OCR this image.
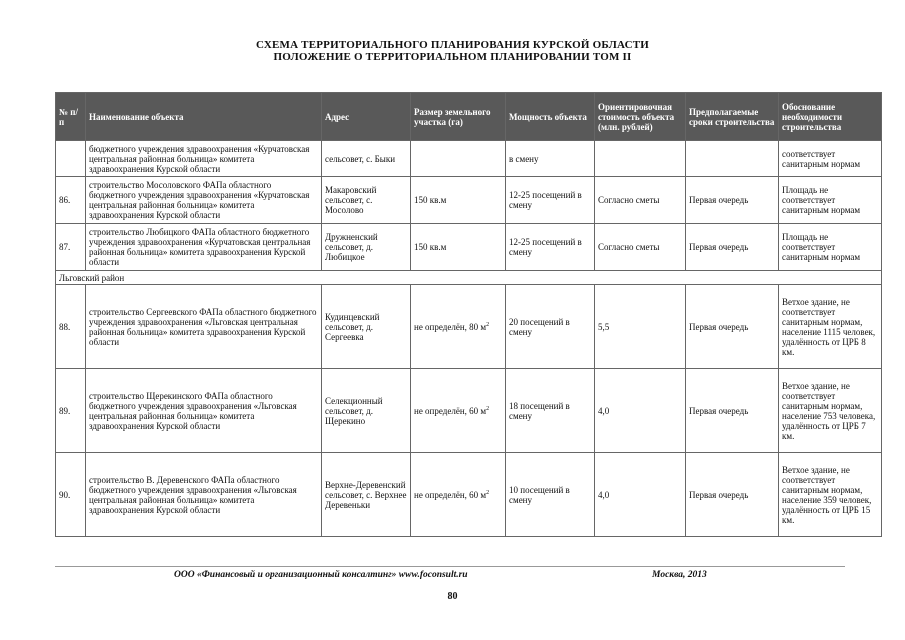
СХЕМА ТЕРРИТОРИАЛЬНОГО ПЛАНИРОВАНИЯ КУРСКОЙ ОБЛАСТИ
ПОЛОЖЕНИЕ О ТЕРРИТОРИАЛЬНОМ ПЛАНИРОВАНИИ ТОМ II
№ п/п	Наименование объекта	Адрес	Размер земельного участка (га)	Мощность объекта	Ориентировочная стоимость объекта (млн. рублей)	Предполагаемые сроки строительства	Обоснование необходимости строительства
	бюджетного учреждения здравоохранения «Курчатовская центральная районная больница» комитета здравоохранения Курской области	сельсовет, с. Быки		в смену			соответствует санитарным нормам
86.	строительство Мосоловского ФАПа областного бюджетного учреждения здравоохранения «Курчатовская центральная районная больница» комитета здравоохранения Курской области	Макаровский сельсовет, с. Мосолово	150 кв.м	12-25 посещений в смену	Согласно сметы	Первая очередь	Площадь не соответствует санитарным нормам
87.	строительство Любицкого ФАПа областного бюджетного учреждения здравоохранения «Курчатовская центральная районная больница» комитета здравоохранения Курской области	Дружненский сельсовет, д. Любицкое	150 кв.м	12-25 посещений в смену	Согласно сметы	Первая очередь	Площадь не соответствует санитарным нормам
Льговский район							
88.	строительство Сергеевского ФАПа областного бюджетного учреждения здравоохранения «Льговская центральная районная больница» комитета здравоохранения Курской области	Кудинцевский сельсовет, д. Сергеевка	не определён, 80 $м^2$	20 посещений в смену	5,5	Первая очередь	Ветхое здание, не соответствует санитарным нормам, население 1115 человек, удалённость от ЦРБ 8 км.
89.	строительство Щерекинского ФАПа областного бюджетного учреждения здравоохранения «Льговская центральная районная больница» комитета здравоохранения Курской области	Селекционный сельсовет, д. Щерекино	не определён, 60 $м^2$	18 посещений в смену	4,0	Первая очередь	Ветхое здание, не соответствует санитарным нормам, население 753 человека, удалённость от ЦРБ 7 км.
90.	строительство В. Деревенского ФАПа областного бюджетного учреждения здравоохранения «Льговская центральная районная больница» комитета здравоохранения Курской области	Верхне-Деревенский сельсовет, с. Верхнее Деревеньки	не определён, 60 $м^2$	10 посещений в смену	4,0	Первая очередь	Ветхое здание, не соответствует санитарным нормам, население 359 человек, удалённость от ЦРБ 15 км.
ООО «Финансовый и организационный консалтинг» www.foconsult.ru	Москва, 2013
80
